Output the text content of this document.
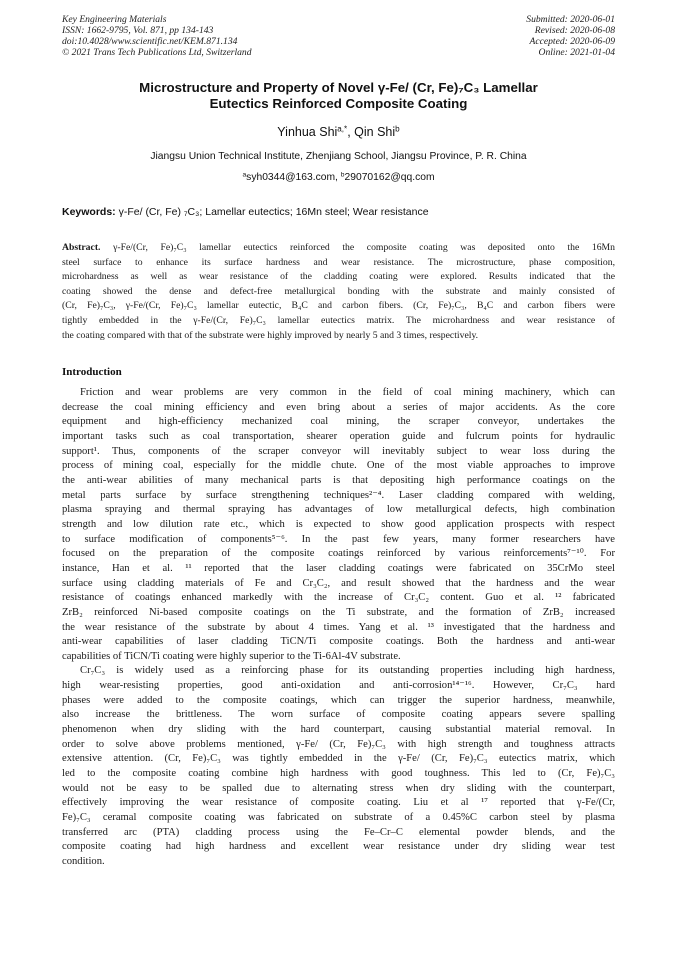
Key Engineering Materials
ISSN: 1662-9795, Vol. 871, pp 134-143
doi:10.4028/www.scientific.net/KEM.871.134
© 2021 Trans Tech Publications Ltd, Switzerland
Submitted: 2020-06-01
Revised: 2020-06-08
Accepted: 2020-06-09
Online: 2021-01-04
Microstructure and Property of Novel γ-Fe/ (Cr, Fe)₇C₃ Lamellar
Eutectics Reinforced Composite Coating
Yinhua Shi$^{a,*}$, Qin Shi$^b$
Jiangsu Union Technical Institute, Zhenjiang School, Jiangsu Province, P. R. China
$^a$syh0344@163.com, $^b$29070162@qq.com
Keywords: γ-Fe/ (Cr, Fe) ₇C₃; Lamellar eutectics; 16Mn steel; Wear resistance
Abstract. γ-Fe/(Cr, Fe)₇C₃ lamellar eutectics reinforced the composite coating was deposited onto the 16Mn
steel surface to enhance its surface hardness and wear resistance. The microstructure, phase composition,
microhardness as well as wear resistance of the cladding coating were explored. Results indicated that the
coating showed the dense and defect-free metallurgical bonding with the substrate and mainly consisted of
(Cr, Fe)₇C₃, γ-Fe/(Cr, Fe)₇C₃ lamellar eutectic, B₄C and carbon fibers. (Cr, Fe)₇C₃, B₄C and carbon fibers were
tightly embedded in the γ-Fe/(Cr, Fe)₇C₃ lamellar eutectics matrix. The microhardness and wear resistance of
the coating compared with that of the substrate were highly improved by nearly 5 and 3 times, respectively.
Introduction
Friction and wear problems are very common in the field of coal mining machinery, which can
decrease the coal mining efficiency and even bring about a series of major accidents. As the core
equipment and high-efficiency mechanized coal mining, the scraper conveyor, undertakes the
important tasks such as coal transportation, shearer operation guide and fulcrum points for hydraulic
support¹. Thus, components of the scraper conveyor will inevitably subject to wear loss during the
process of mining coal, especially for the middle chute. One of the most viable approaches to improve
the anti-wear abilities of many mechanical parts is that depositing high performance coatings on the
metal parts surface by surface strengthening techniques²⁻⁴. Laser cladding compared with welding,
plasma spraying and thermal spraying has advantages of low metallurgical defects, high combination
strength and low dilution rate etc., which is expected to show good application prospects with respect
to surface modification of components⁵⁻⁶. In the past few years, many former researchers have
focused on the preparation of the composite coatings reinforced by various reinforcements⁷⁻¹⁰. For
instance, Han et al. ¹¹ reported that the laser cladding coatings were fabricated on 35CrMo steel
surface using cladding materials of Fe and Cr₃C₂, and result showed that the hardness and the wear
resistance of coatings enhanced markedly with the increase of Cr₃C₂ content. Guo et al. ¹² fabricated
ZrB₂ reinforced Ni-based composite coatings on the Ti substrate, and the formation of ZrB₂ increased
the wear resistance of the substrate by about 4 times. Yang et al. ¹³ investigated that the hardness and
anti-wear capabilities of laser cladding TiCN/Ti composite coatings. Both the hardness and anti-wear
capabilities of TiCN/Ti coating were highly superior to the Ti-6Al-4V substrate.
Cr₇C₃ is widely used as a reinforcing phase for its outstanding properties including high hardness,
high wear-resisting properties, good anti-oxidation and anti-corrosion¹⁴⁻¹⁶. However, Cr₇C₃ hard
phases were added to the composite coatings, which can trigger the superior hardness, meanwhile,
also increase the brittleness. The worn surface of composite coating appears severe spalling
phenomenon when dry sliding with the hard counterpart, causing substantial material removal. In
order to solve above problems mentioned, γ-Fe/ (Cr, Fe)₇C₃ with high strength and toughness attracts
extensive attention. (Cr, Fe)₇C₃ was tightly embedded in the γ-Fe/ (Cr, Fe)₇C₃ eutectics matrix, which
led to the composite coating combine high hardness with good toughness. This led to (Cr, Fe)₇C₃
would not be easy to be spalled due to alternating stress when dry sliding with the counterpart,
effectively improving the wear resistance of composite coating. Liu et al ¹⁷ reported that γ-Fe/(Cr,
Fe)₇C₃ ceramal composite coating was fabricated on substrate of a 0.45%C carbon steel by plasma
transferred arc (PTA) cladding process using the Fe–Cr–C elemental powder blends, and the
composite coating had high hardness and excellent wear resistance under dry sliding wear test
condition.
